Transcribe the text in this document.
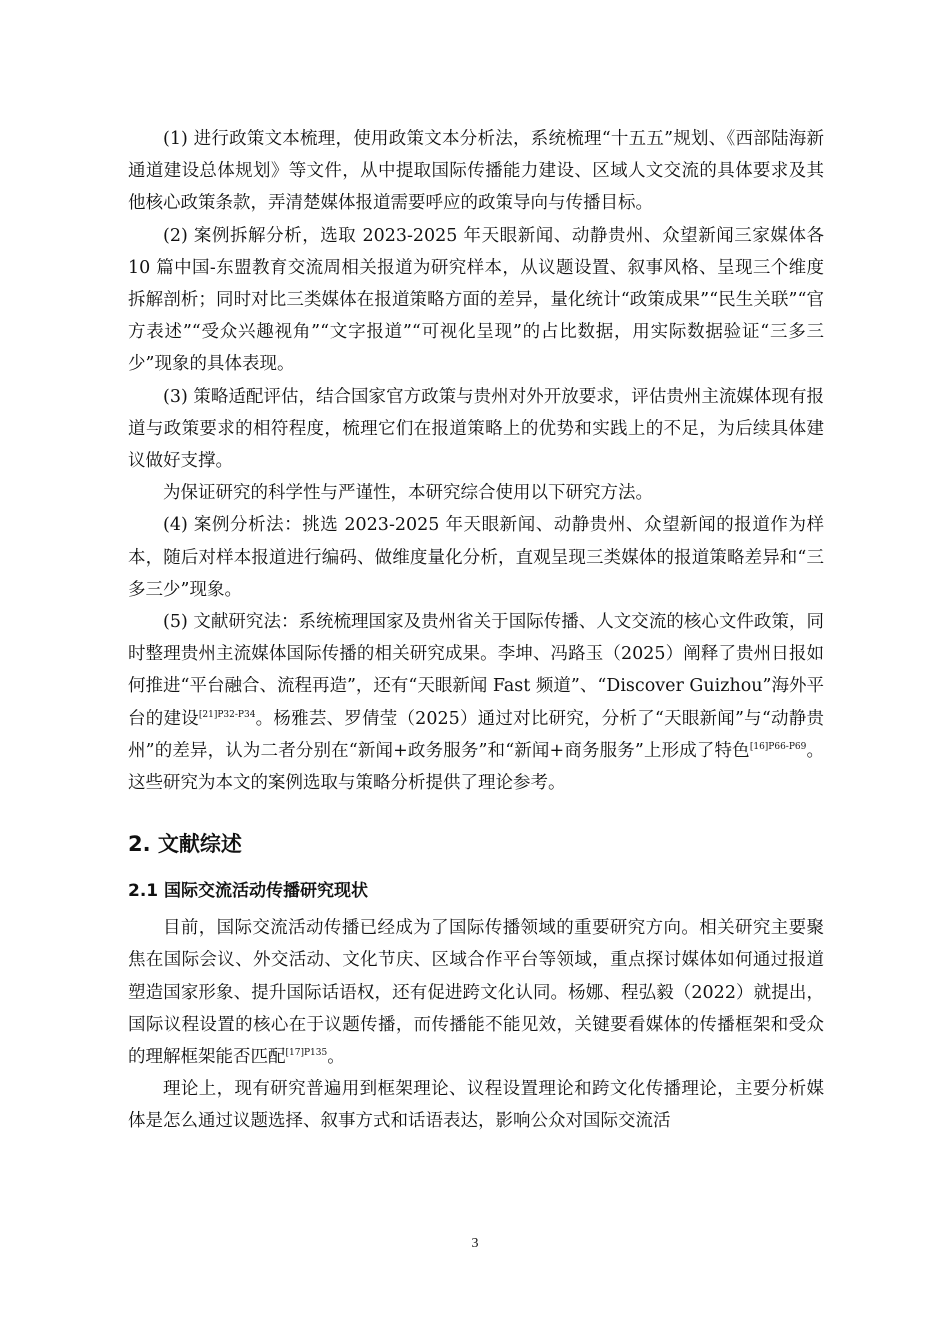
(1) 进行政策文本梳理，使用政策文本分析法，系统梳理“十五五”规划、《西部陆海新通道建设总体规划》等文件，从中提取国际传播能力建设、区域人文交流的具体要求及其他核心政策条款，弄清楚媒体报道需要呼应的政策导向与传播目标。

(2) 案例拆解分析，选取 2023-2025 年天眼新闻、动静贵州、众望新闻三家媒体各 10 篇中国-东盟教育交流周相关报道为研究样本，从议题设置、叙事风格、呈现三个维度拆解剖析；同时对比三类媒体在报道策略方面的差异，量化统计“政策成果”“民生关联”“官方表述”“受众兴趣视角”“文字报道”“可视化呈现”的占比数据，用实际数据验证“三多三少”现象的具体表现。

(3) 策略适配评估，结合国家官方政策与贵州对外开放要求，评估贵州主流媒体现有报道与政策要求的相符程度，梳理它们在报道策略上的优势和实践上的不足，为后续具体建议做好支撑。

为保证研究的科学性与严谨性，本研究综合使用以下研究方法。

(4) 案例分析法：挑选 2023-2025 年天眼新闻、动静贵州、众望新闻的报道作为样本，随后对样本报道进行编码、做维度量化分析，直观呈现三类媒体的报道策略差异和“三多三少”现象。

(5) 文献研究法：系统梳理国家及贵州省关于国际传播、人文交流的核心文件政策，同时整理贵州主流媒体国际传播的相关研究成果。李坤、冯路玉（2025）阐释了贵州日报如何推进“平台融合、流程再造”，还有“天眼新闻 Fast 频道”、“Discover Guizhou”海外平台的建设$^{[21]P32-P34}$。杨雅芸、罗倩莹（2025）通过对比研究，分析了“天眼新闻”与“动静贵州”的差异，认为二者分别在“新闻+政务服务”和“新闻+商务服务”上形成了特色$^{[16]P66-P69}$。这些研究为本文的案例选取与策略分析提供了理论参考。

2. 文献综述
2.1 国际交流活动传播研究现状

目前，国际交流活动传播已经成为了国际传播领域的重要研究方向。相关研究主要聚焦在国际会议、外交活动、文化节庆、区域合作平台等领域，重点探讨媒体如何通过报道塑造国家形象、提升国际话语权，还有促进跨文化认同。杨娜、程弘毅（2022）就提出，国际议程设置的核心在于议题传播，而传播能不能见效，关键要看媒体的传播框架和受众的理解框架能否匹配$^{[17]P135}$。

理论上，现有研究普遍用到框架理论、议程设置理论和跨文化传播理论，主要分析媒体是怎么通过议题选择、叙事方式和话语表达，影响公众对国际交流活

3
